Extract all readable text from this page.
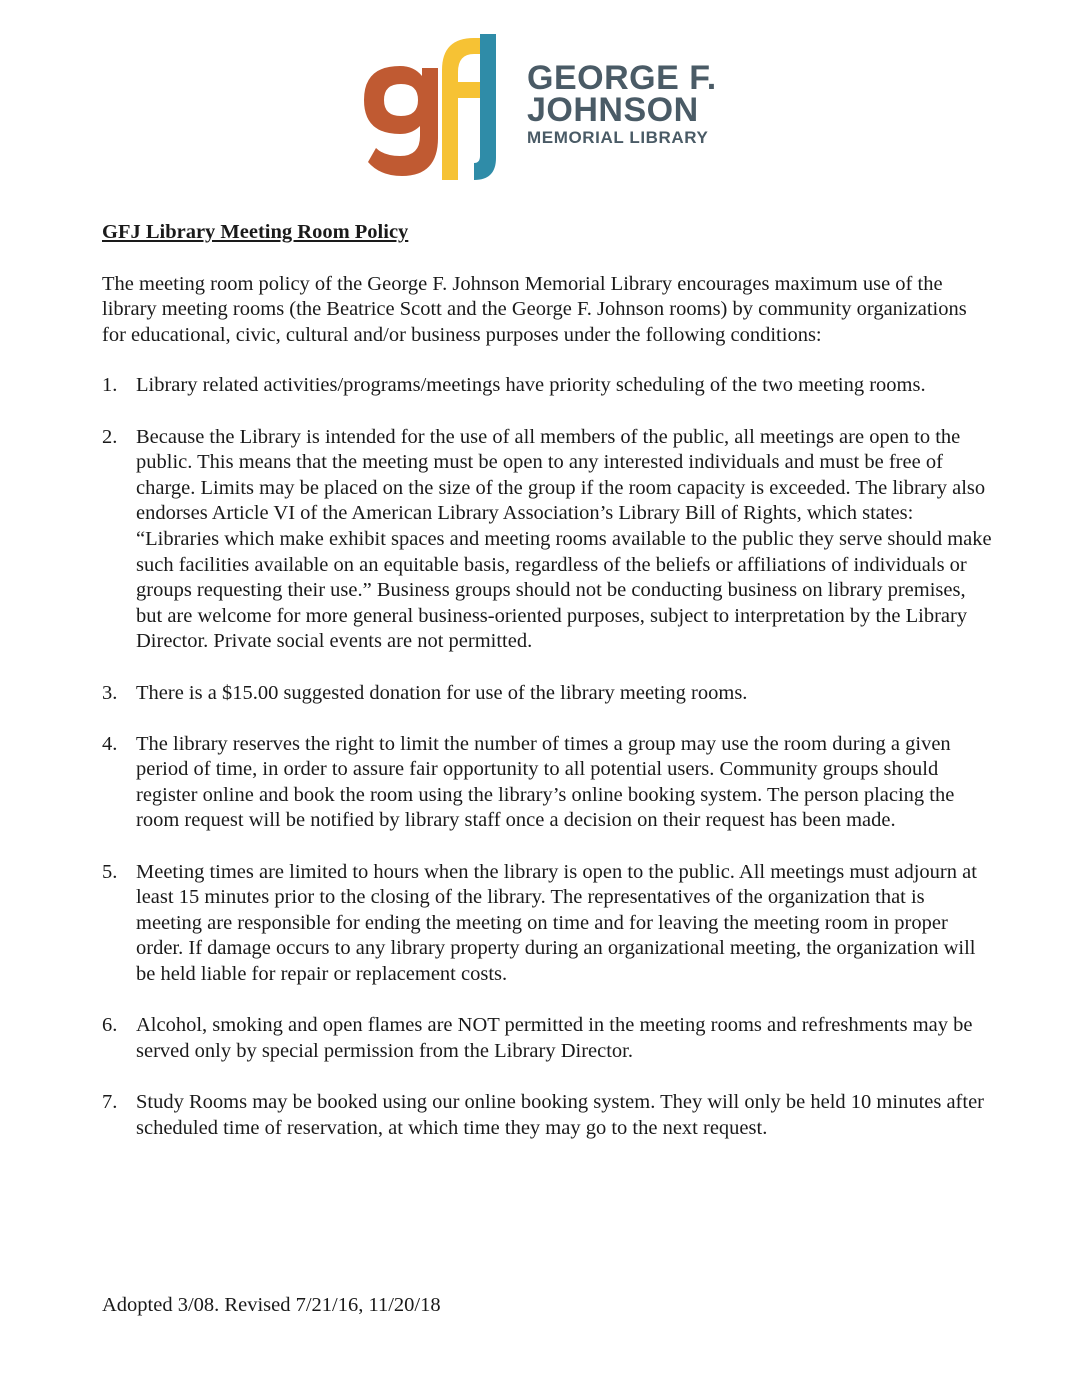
GEORGE F.
JOHNSON
MEMORIAL LIBRARY
GFJ Library Meeting Room Policy
The meeting room policy of the George F. Johnson Memorial Library encourages maximum use of the library meeting rooms (the Beatrice Scott and the George F. Johnson rooms) by community organizations for educational, civic, cultural and/or business purposes under the following conditions:
1. Library related activities/programs/meetings have priority scheduling of the two meeting rooms.
2. Because the Library is intended for the use of all members of the public, all meetings are open to the public. This means that the meeting must be open to any interested individuals and must be free of charge. Limits may be placed on the size of the group if the room capacity is exceeded. The library also endorses Article VI of the American Library Association’s Library Bill of Rights, which states: “Libraries which make exhibit spaces and meeting rooms available to the public they serve should make such facilities available on an equitable basis, regardless of the beliefs or affiliations of individuals or groups requesting their use.” Business groups should not be conducting business on library premises, but are welcome for more general business-oriented purposes, subject to interpretation by the Library Director. Private social events are not permitted.
3. There is a $15.00 suggested donation for use of the library meeting rooms.
4. The library reserves the right to limit the number of times a group may use the room during a given period of time, in order to assure fair opportunity to all potential users. Community groups should register online and book the room using the library’s online booking system. The person placing the room request will be notified by library staff once a decision on their request has been made.
5. Meeting times are limited to hours when the library is open to the public. All meetings must adjourn at least 15 minutes prior to the closing of the library. The representatives of the organization that is meeting are responsible for ending the meeting on time and for leaving the meeting room in proper order. If damage occurs to any library property during an organizational meeting, the organization will be held liable for repair or replacement costs.
6. Alcohol, smoking and open flames are NOT permitted in the meeting rooms and refreshments may be served only by special permission from the Library Director.
7. Study Rooms may be booked using our online booking system. They will only be held 10 minutes after scheduled time of reservation, at which time they may go to the next request.
Adopted 3/08. Revised 7/21/16, 11/20/18
